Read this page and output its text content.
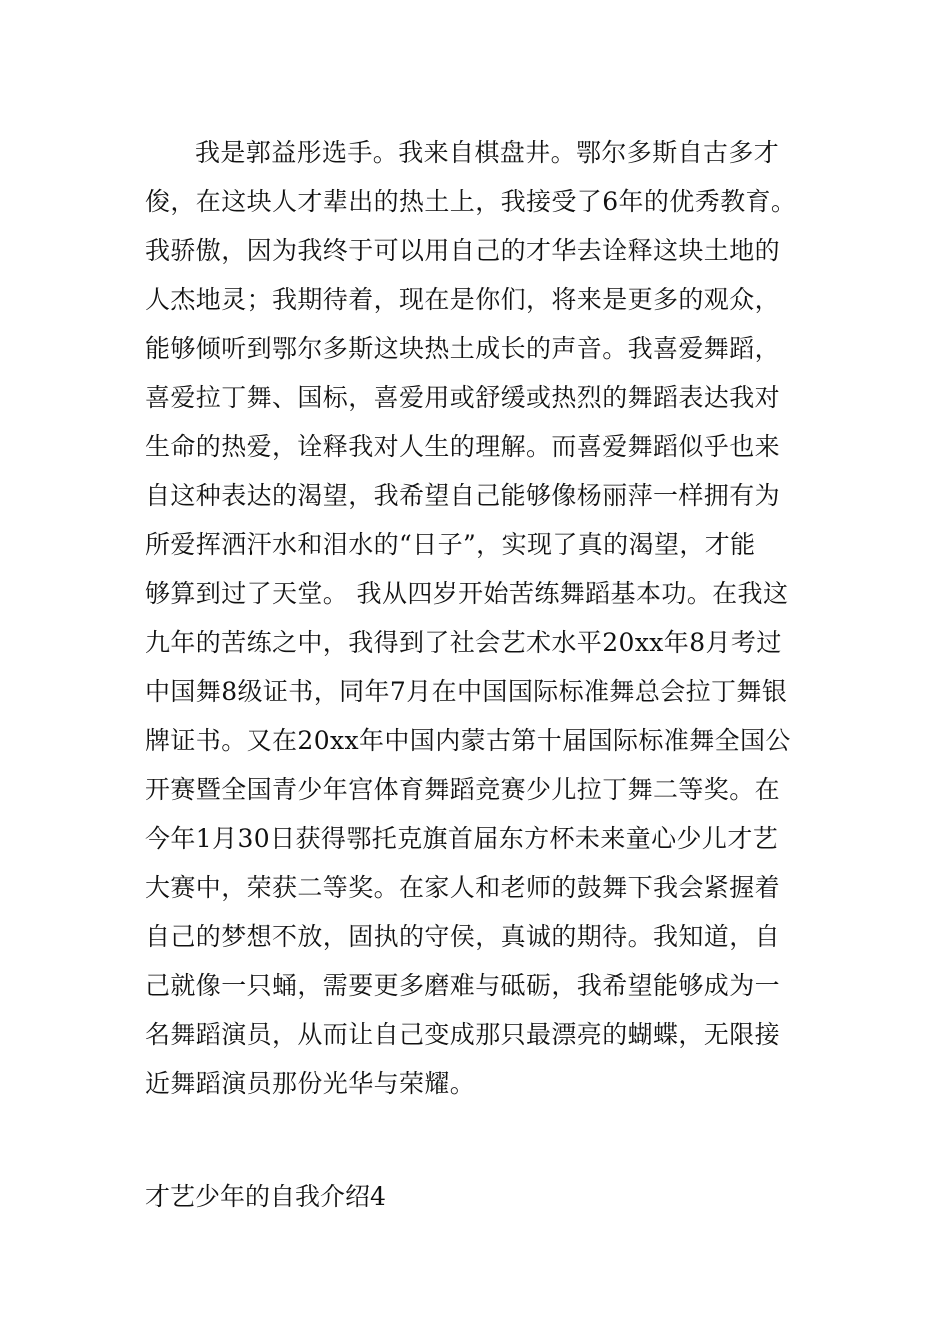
我是郭益彤选手。我来自棋盘井。鄂尔多斯自古多才
俊，在这块人才辈出的热土上，我接受了6年的优秀教育。
我骄傲，因为我终于可以用自己的才华去诠释这块土地的
人杰地灵；我期待着，现在是你们，将来是更多的观众，
能够倾听到鄂尔多斯这块热土成长的声音。我喜爱舞蹈，
喜爱拉丁舞、国标，喜爱用或舒缓或热烈的舞蹈表达我对
生命的热爱，诠释我对人生的理解。而喜爱舞蹈似乎也来
自这种表达的渴望，我希望自己能够像杨丽萍一样拥有为
所爱挥洒汗水和泪水的“日子”，实现了真的渴望，才能
够算到过了天堂。 我从四岁开始苦练舞蹈基本功。在我这
九年的苦练之中，我得到了社会艺术水平20xx年8月考过
中国舞8级证书，同年7月在中国国际标准舞总会拉丁舞银
牌证书。又在20xx年中国内蒙古第十届国际标准舞全国公
开赛暨全国青少年宫体育舞蹈竞赛少儿拉丁舞二等奖。在
今年1月30日获得鄂托克旗首届东方杯未来童心少儿才艺
大赛中，荣获二等奖。在家人和老师的鼓舞下我会紧握着
自己的梦想不放，固执的守侯，真诚的期待。我知道，自
己就像一只蛹，需要更多磨难与砥砺，我希望能够成为一
名舞蹈演员，从而让自己变成那只最漂亮的蝴蝶，无限接
近舞蹈演员那份光华与荣耀。
才艺少年的自我介绍4
